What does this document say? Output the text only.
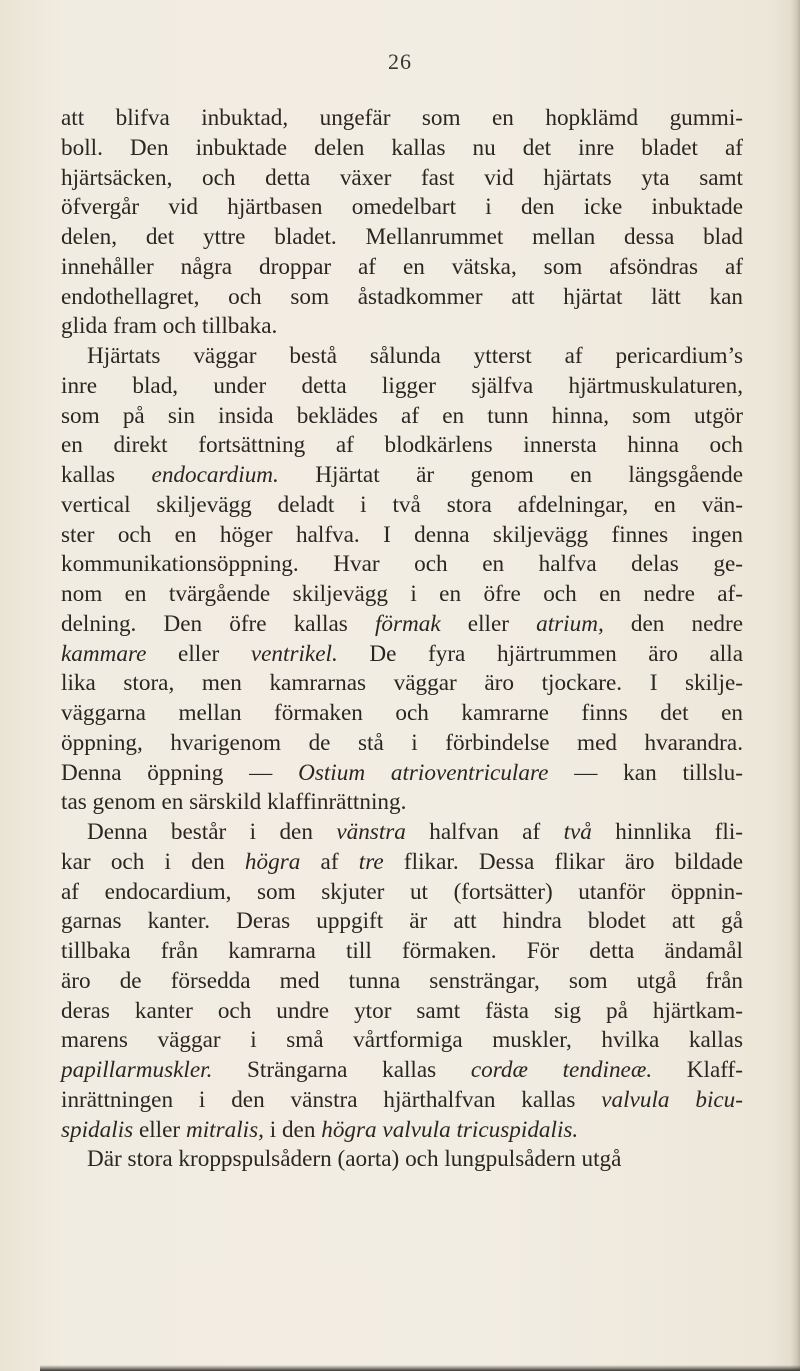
26

att blifva inbuktad, ungefär som en hopklämd gummi-
boll. Den inbuktade delen kallas nu det inre bladet af
hjärtsäcken, och detta växer fast vid hjärtats yta samt
öfvergår vid hjärtbasen omedelbart i den icke inbuktade
delen, det yttre bladet. Mellanrummet mellan dessa blad
innehåller några droppar af en vätska, som afsöndras af
endothellagret, och som åstadkommer att hjärtat lätt kan
glida fram och tillbaka.
Hjärtats väggar bestå sålunda ytterst af pericardium’s
inre blad, under detta ligger själfva hjärtmuskulaturen,
som på sin insida beklädes af en tunn hinna, som utgör
en direkt fortsättning af blodkärlens innersta hinna och
kallas endocardium. Hjärtat är genom en längsgående
vertical skiljevägg deladt i två stora afdelningar, en vän-
ster och en höger halfva. I denna skiljevägg finnes ingen
kommunikationsöppning. Hvar och en halfva delas ge-
nom en tvärgående skiljevägg i en öfre och en nedre af-
delning. Den öfre kallas förmak eller atrium, den nedre
kammare eller ventrikel. De fyra hjärtrummen äro alla
lika stora, men kamrarnas väggar äro tjockare. I skilje-
väggarna mellan förmaken och kamrarne finns det en
öppning, hvarigenom de stå i förbindelse med hvarandra.
Denna öppning — Ostium atrioventriculare — kan tillslu-
tas genom en särskild klaffinrättning.
Denna består i den vänstra halfvan af två hinnlika fli-
kar och i den högra af tre flikar. Dessa flikar äro bildade
af endocardium, som skjuter ut (fortsätter) utanför öppnin-
garnas kanter. Deras uppgift är att hindra blodet att gå
tillbaka från kamrarna till förmaken. För detta ändamål
äro de försedda med tunna sensträngar, som utgå från
deras kanter och undre ytor samt fästa sig på hjärtkam-
marens väggar i små vårtformiga muskler, hvilka kallas
papillarmuskler. Strängarna kallas cordæ tendineæ. Klaff-
inrättningen i den vänstra hjärthalfvan kallas valvula bicu-
spidalis eller mitralis, i den högra valvula tricuspidalis.
Där stora kroppspulsådern (aorta) och lungpulsådern utgå
